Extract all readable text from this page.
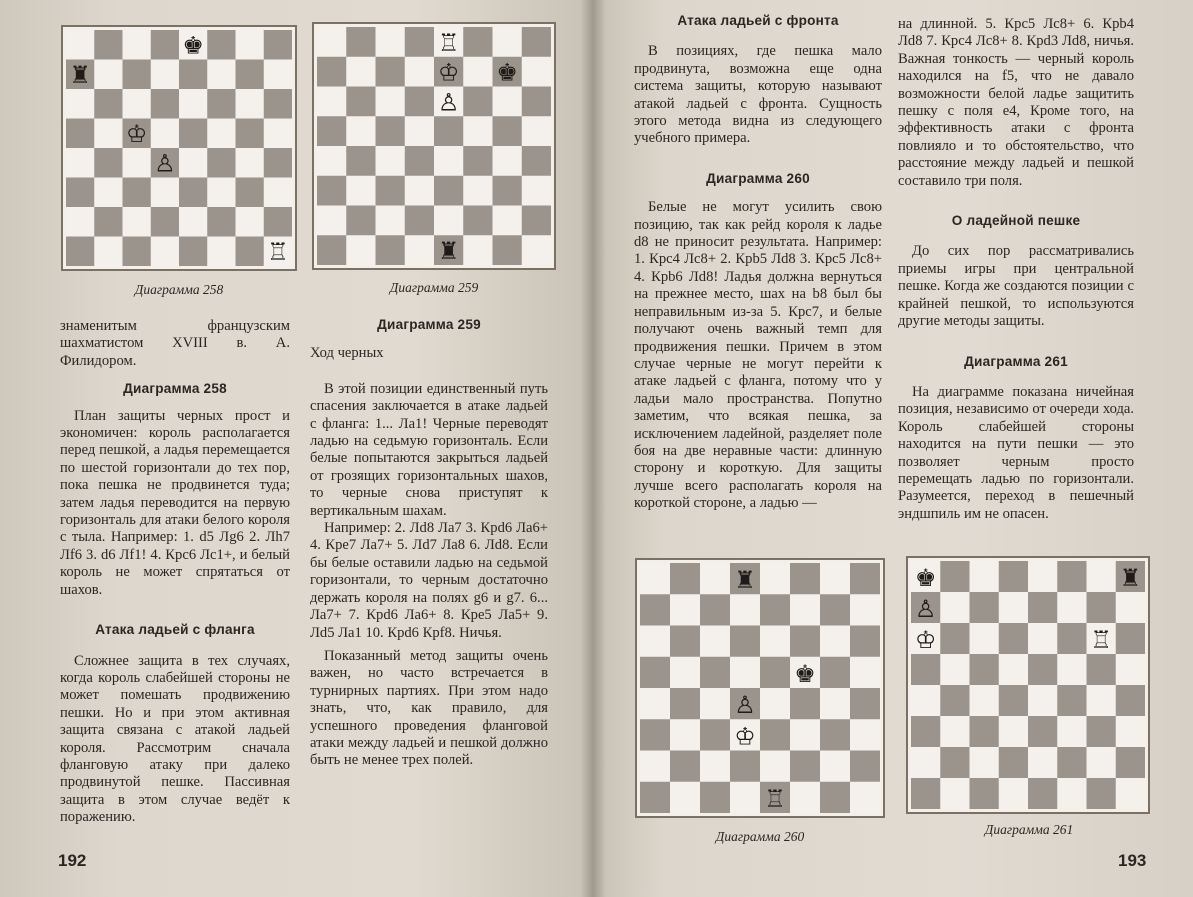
♚
♜
♔
♙
♖
Диаграмма 258
♖
♔ ♚
♙
♜
Диаграмма 259

знаменитым французским шахматистом XVIII в. А. Филидором.

Диаграмма 258

План защиты черных прост и экономичен: король располагается перед пешкой, а ладья перемещается по шестой горизонтали до тех пор, пока пешка не продвинется туда; затем ладья переводится на первую горизонталь для атаки белого короля с тыла. Например: 1. d5 Лg6 2. Лh7 Лf6 3. d6 Лf1! 4. Крс6 Лс1+, и белый король не может спрятаться от шахов.

Атака ладьей с фланга

Сложнее защита в тех случаях, когда король слабейшей стороны не может помешать продвижению пешки. Но и при этом активная защита связана с атакой ладьей короля. Рассмотрим сначала фланговую атаку при далеко продвинутой пешке. Пассивная защита в этом случае ведёт к поражению.

Диаграмма 259

Ход черных

В этой позиции единственный путь спасения заключается в атаке ладьей с фланга: 1... Ла1! Черные переводят ладью на седьмую горизонталь. Если белые попытаются закрыться ладьей от грозящих горизонтальных шахов, то черные снова приступят к вертикальным шахам.

Например: 2. Лd8 Ла7 3. Крd6 Ла6+ 4. Кре7 Ла7+ 5. Лd7 Ла8 6. Лd8. Если бы белые оставили ладью на седьмой горизонтали, то черным достаточно держать короля на полях g6 и g7. 6... Ла7+ 7. Крd6 Ла6+ 8. Кре5 Ла5+ 9. Лd5 Ла1 10. Крd6 Крf8. Ничья.

Показанный метод защиты очень важен, но часто встречается в турнирных партиях. При этом надо знать, что, как правило, для успешного проведения фланговой атаки между ладьей и пешкой должно быть не менее трех полей.

192
Атака ладьей с фронта

В позициях, где пешка мало продвинута, возможна еще одна система защиты, которую называют атакой ладьей с фронта. Сущность этого метода видна из следующего учебного примера.

Диаграмма 260

Белые не могут усилить свою позицию, так как рейд короля к ладье d8 не приносит результата. Например: 1. Крс4 Лс8+ 2. Крb5 Лd8 3. Крс5 Лс8+ 4. Крb6 Лd8! Ладья должна вернуться на прежнее место, шах на b8 был бы неправильным из-за 5. Крс7, и белые получают очень важный темп для продвижения пешки. Причем в этом случае черные не могут перейти к атаке ладьей с фланга, потому что у ладьи мало пространства. Попутно заметим, что всякая пешка, за исключением ладейной, разделяет поле боя на две неравные части: длинную сторону и короткую. Для защиты лучше всего располагать короля на короткой стороне, а ладью —

на длинной. 5. Крс5 Лс8+ 6. Крb4 Лd8 7. Крс4 Лс8+ 8. Крd3 Лd8, ничья. Важная тонкость — черный король находился на f5, что не давало возможности белой ладье защитить пешку с поля е4, Кроме того, на эффективность атаки с фронта повлияло и то обстоятельство, что расстояние между ладьей и пешкой составило три поля.

О ладейной пешке

До сих пор рассматривались приемы игры при центральной пешке. Когда же создаются позиции с крайней пешкой, то используются другие методы защиты.

Диаграмма 261

На диаграмме показана ничейная позиция, независимо от очереди хода. Король слабейшей стороны находится на пути пешки — это позволяет черным просто перемещать ладью по горизонтали. Разумеется, переход в пешечный эндшпиль им не опасен.

♜
♚
♙
♔
♖
Диаграмма 260
♚	♜
♙
♖
♔
Диаграмма 261
193
